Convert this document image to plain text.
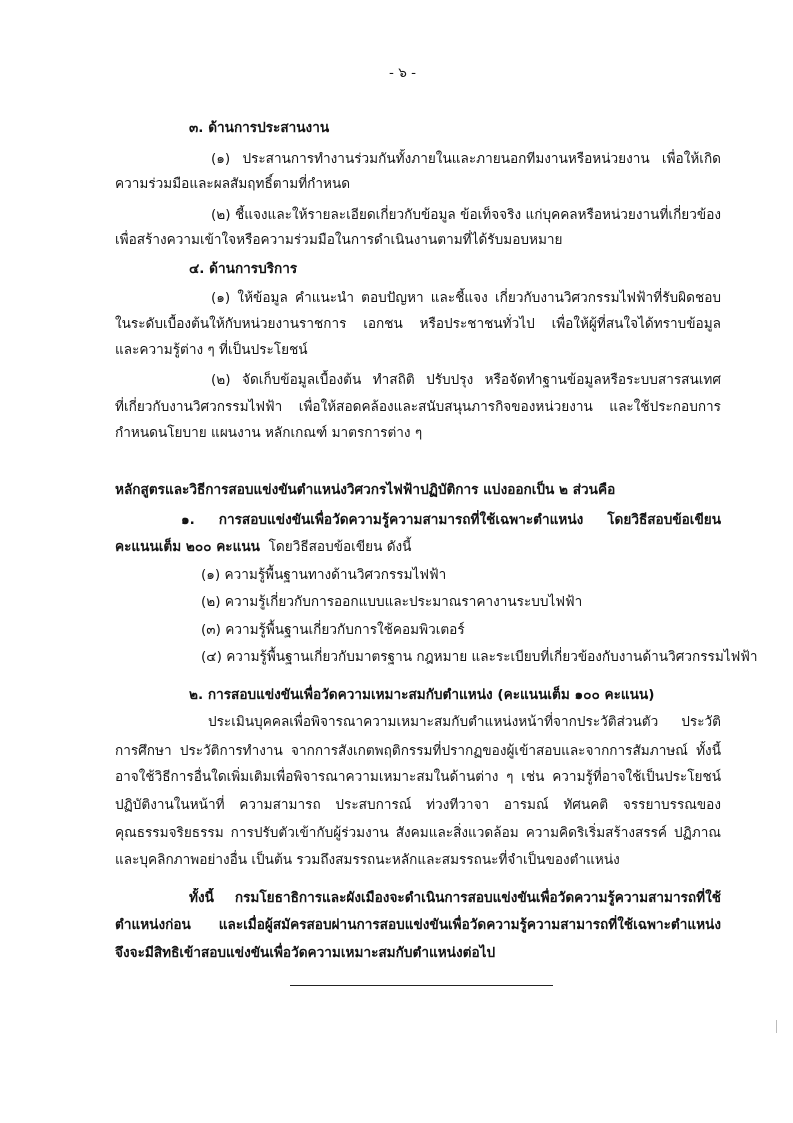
- ๖ -
๓. ด้านการประสานงาน
(๑) ประสานการทำงานร่วมกันทั้งภายในและภายนอกทีมงานหรือหน่วยงาน เพื่อให้เกิด
ความร่วมมือและผลสัมฤทธิ์ตามที่กำหนด
(๒) ชี้แจงและให้รายละเอียดเกี่ยวกับข้อมูล ข้อเท็จจริง แก่บุคคลหรือหน่วยงานที่เกี่ยวข้อง
เพื่อสร้างความเข้าใจหรือความร่วมมือในการดำเนินงานตามที่ได้รับมอบหมาย
๔. ด้านการบริการ
(๑) ให้ข้อมูล คำแนะนำ ตอบปัญหา และชี้แจง เกี่ยวกับงานวิศวกรรมไฟฟ้าที่รับผิดชอบ
ในระดับเบื้องต้นให้กับหน่วยงานราชการ เอกชน หรือประชาชนทั่วไป เพื่อให้ผู้ที่สนใจได้ทราบข้อมูล
และความรู้ต่าง ๆ ที่เป็นประโยชน์
(๒) จัดเก็บข้อมูลเบื้องต้น ทำสถิติ ปรับปรุง หรือจัดทำฐานข้อมูลหรือระบบสารสนเทศ
ที่เกี่ยวกับงานวิศวกรรมไฟฟ้า เพื่อให้สอดคล้องและสนับสนุนภารกิจของหน่วยงาน และใช้ประกอบการ
กำหนดนโยบาย แผนงาน หลักเกณฑ์ มาตรการต่าง ๆ
หลักสูตรและวิธีการสอบแข่งขันตำแหน่งวิศวกรไฟฟ้าปฏิบัติการ แบ่งออกเป็น ๒ ส่วนคือ
๑. การสอบแข่งขันเพื่อวัดความรู้ความสามารถที่ใช้เฉพาะตำแหน่ง โดยวิธีสอบข้อเขียน
คะแนนเต็ม ๒๐๐ คะแนน โดยวิธีสอบข้อเขียน ดังนี้
(๑) ความรู้พื้นฐานทางด้านวิศวกรรมไฟฟ้า
(๒) ความรู้เกี่ยวกับการออกแบบและประมาณราคางานระบบไฟฟ้า
(๓) ความรู้พื้นฐานเกี่ยวกับการใช้คอมพิวเตอร์
(๔) ความรู้พื้นฐานเกี่ยวกับมาตรฐาน กฎหมาย และระเบียบที่เกี่ยวข้องกับงานด้านวิศวกรรมไฟฟ้า
๒. การสอบแข่งขันเพื่อวัดความเหมาะสมกับตำแหน่ง (คะแนนเต็ม ๑๐๐ คะแนน)
ประเมินบุคคลเพื่อพิจารณาความเหมาะสมกับตำแหน่งหน้าที่จากประวัติส่วนตัว ประวัติ
การศึกษา ประวัติการทำงาน จากการสังเกตพฤติกรรมที่ปรากฏของผู้เข้าสอบและจากการสัมภาษณ์ ทั้งนี้
อาจใช้วิธีการอื่นใดเพิ่มเติมเพื่อพิจารณาความเหมาะสมในด้านต่าง ๆ เช่น ความรู้ที่อาจใช้เป็นประโยชน์
ปฏิบัติงานในหน้าที่ ความสามารถ ประสบการณ์ ท่วงทีวาจา อารมณ์ ทัศนคติ จรรยาบรรณของ
คุณธรรมจริยธรรม การปรับตัวเข้ากับผู้ร่วมงาน สังคมและสิ่งแวดล้อม ความคิดริเริ่มสร้างสรรค์ ปฏิภาณ
และบุคลิกภาพอย่างอื่น เป็นต้น รวมถึงสมรรถนะหลักและสมรรถนะที่จำเป็นของตำแหน่ง
ทั้งนี้ กรมโยธาธิการและผังเมืองจะดำเนินการสอบแข่งขันเพื่อวัดความรู้ความสามารถที่ใช้
ตำแหน่งก่อน และเมื่อผู้สมัครสอบผ่านการสอบแข่งขันเพื่อวัดความรู้ความสามารถที่ใช้เฉพาะตำแหน่ง
จึงจะมีสิทธิเข้าสอบแข่งขันเพื่อวัดความเหมาะสมกับตำแหน่งต่อไป
